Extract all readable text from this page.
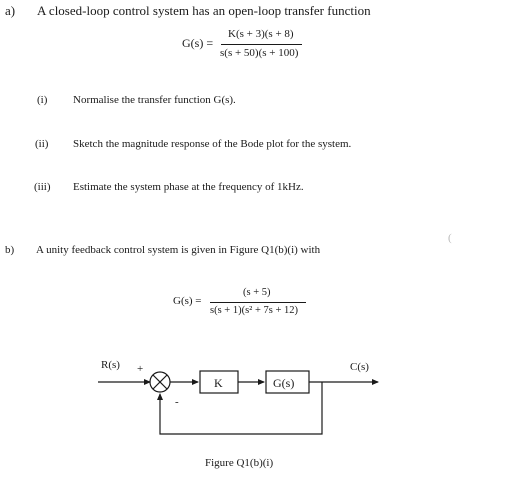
a) A closed-loop control system has an open-loop transfer function
G(s) =
K(s + 3)(s + 8)
s(s + 50)(s + 100)
(i) Normalise the transfer function G(s).
(ii) Sketch the magnitude response of the Bode plot for the system.
(iii) Estimate the system phase at the frequency of 1kHz.
(
b) A unity feedback control system is given in Figure Q1(b)(i) with
G(s) =
(s + 5)
s(s + 1)(s² + 7s + 12)
R(s) +
-
K	G(s)
C(s)
Figure Q1(b)(i)
